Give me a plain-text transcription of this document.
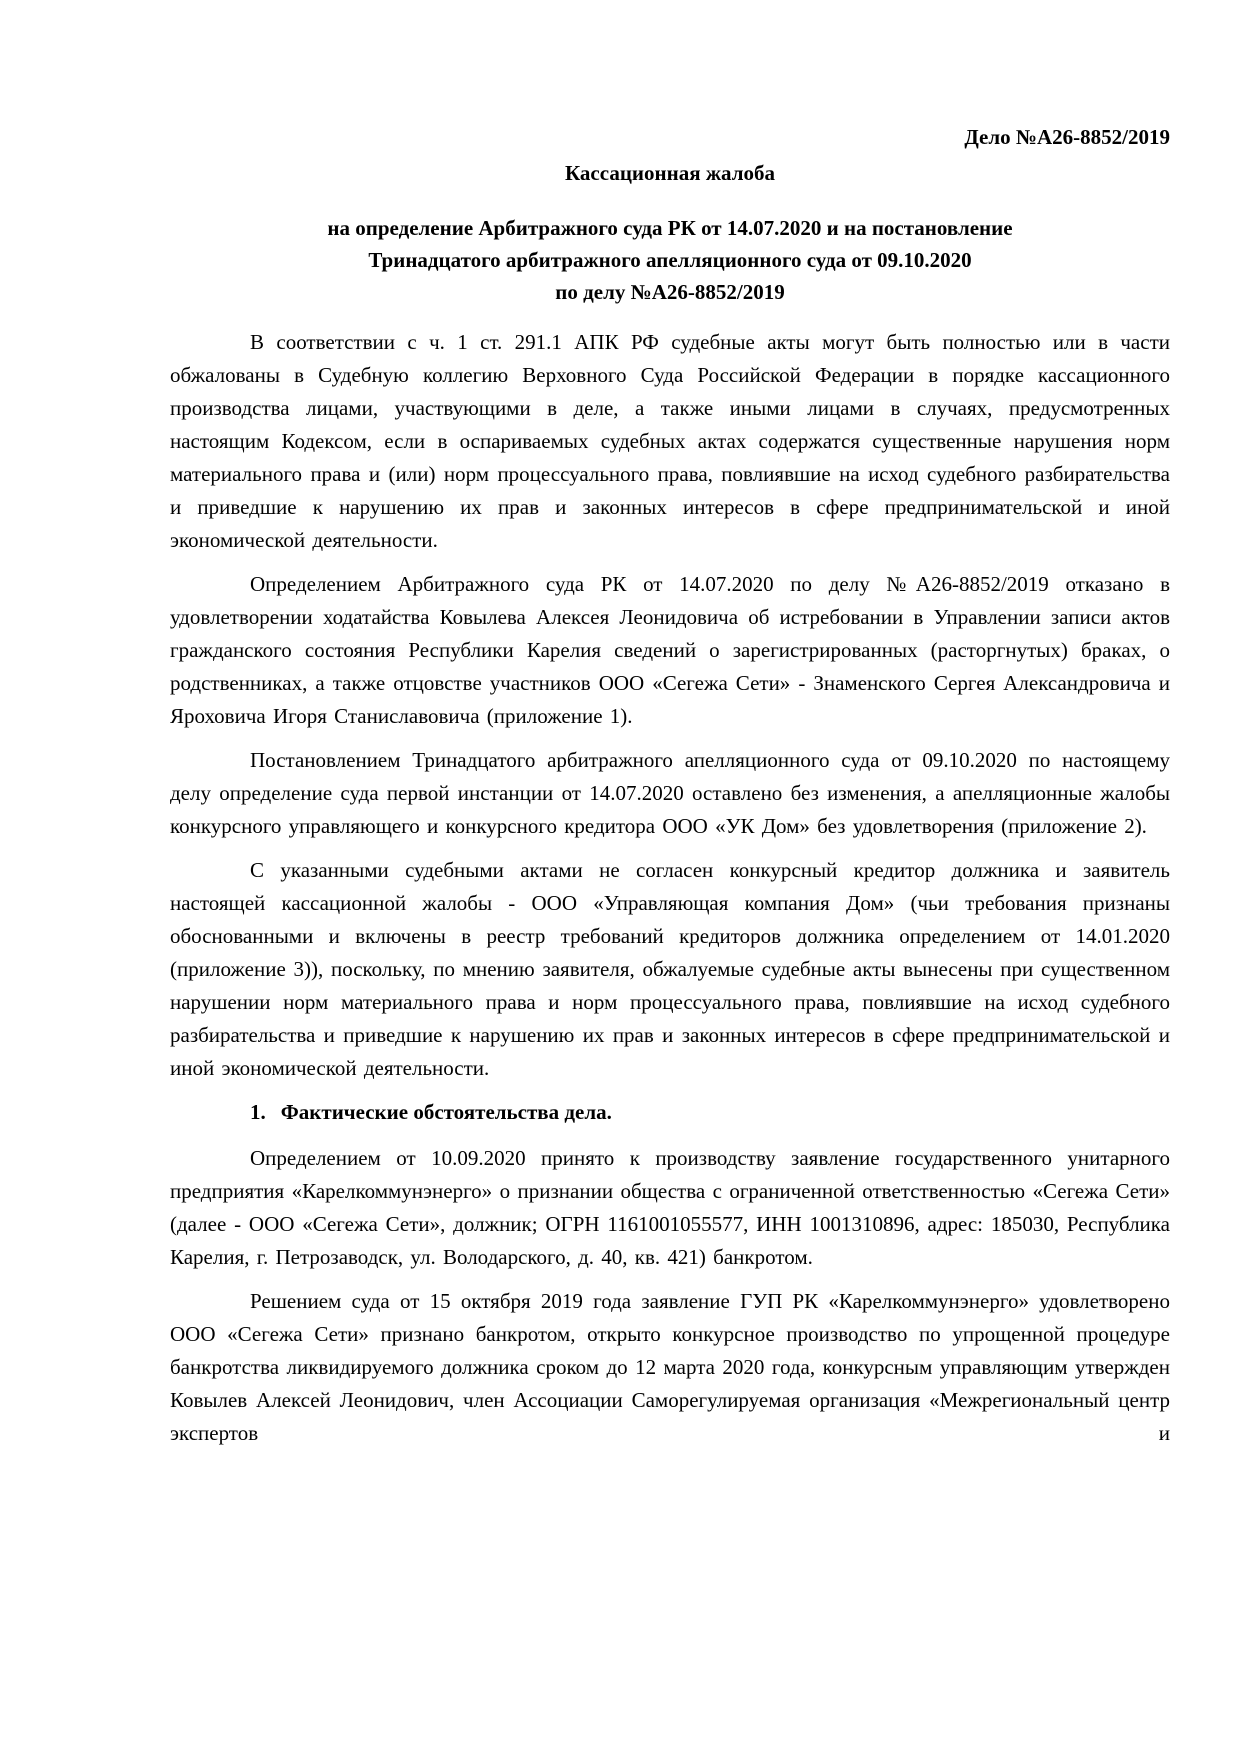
Дело №А26-8852/2019
Кассационная жалоба
на определение Арбитражного суда РК от 14.07.2020 и на постановление
Тринадцатого арбитражного апелляционного суда от 09.10.2020
по делу №А26-8852/2019

В соответствии с ч. 1 ст. 291.1 АПК РФ судебные акты могут быть полностью или в части обжалованы в Судебную коллегию Верховного Суда Российской Федерации в порядке кассационного производства лицами, участвующими в деле, а также иными лицами в случаях, предусмотренных настоящим Кодексом, если в оспариваемых судебных актах содержатся существенные нарушения норм материального права и (или) норм процессуального права, повлиявшие на исход судебного разбирательства и приведшие к нарушению их прав и законных интересов в сфере предпринимательской и иной экономической деятельности.

Определением Арбитражного суда РК от 14.07.2020 по делу №А26-8852/2019 отказано в удовлетворении ходатайства Ковылева Алексея Леонидовича об истребовании в Управлении записи актов гражданского состояния Республики Карелия сведений о зарегистрированных (расторгнутых) браках, о родственниках, а также отцовстве участников ООО «Сегежа Сети» - Знаменского Сергея Александровича и Яроховича Игоря Станиславовича (приложение 1).

Постановлением Тринадцатого арбитражного апелляционного суда от 09.10.2020 по настоящему делу определение суда первой инстанции от 14.07.2020 оставлено без изменения, а апелляционные жалобы конкурсного управляющего и конкурсного кредитора ООО «УК Дом» без удовлетворения (приложение 2).

С указанными судебными актами не согласен конкурсный кредитор должника и заявитель настоящей кассационной жалобы - ООО «Управляющая компания Дом» (чьи требования признаны обоснованными и включены в реестр требований кредиторов должника определением от 14.01.2020 (приложение 3)), поскольку, по мнению заявителя, обжалуемые судебные акты вынесены при существенном нарушении норм материального права и норм процессуального права, повлиявшие на исход судебного разбирательства и приведшие к нарушению их прав и законных интересов в сфере предпринимательской и иной экономической деятельности.

1. Фактические обстоятельства дела.

Определением от 10.09.2020 принято к производству заявление государственного унитарного предприятия «Карелкоммунэнерго» о признании общества с ограниченной ответственностью «Сегежа Сети» (далее - ООО «Сегежа Сети», должник; ОГРН 1161001055577, ИНН 1001310896, адрес: 185030, Республика Карелия, г. Петрозаводск, ул. Володарского, д. 40, кв. 421) банкротом.

Решением суда от 15 октября 2019 года заявление ГУП РК «Карелкоммунэнерго» удовлетворено ООО «Сегежа Сети» признано банкротом, открыто конкурсное производство по упрощенной процедуре банкротства ликвидируемого должника сроком до 12 марта 2020 года, конкурсным управляющим утвержден Ковылев Алексей Леонидович, член Ассоциации Саморегулируемая организация «Межрегиональный центр экспертов и
